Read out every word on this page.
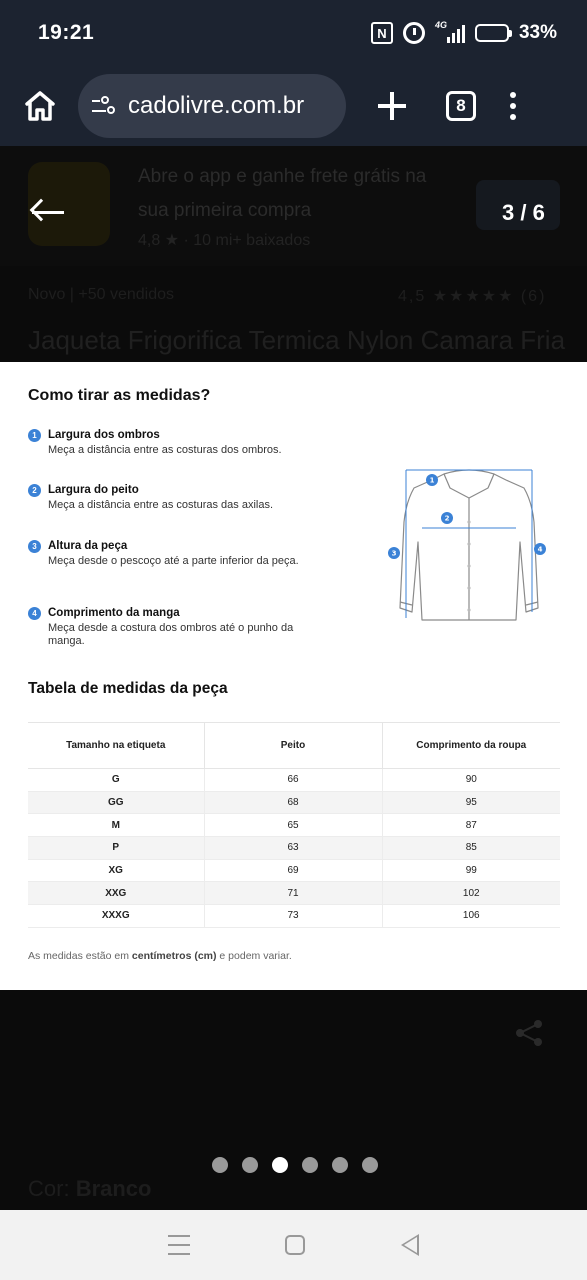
19:21	N
4G	33%
cadolivre.com.br	8
Abre o app e ganhe frete grátis na sua primeira compra
4,8 ★ · 10 mi+ baixados
3 / 6
Novo | +50 vendidos	4,5 ★★★★★ (6)
Jaqueta Frigorifica Termica Nylon Camara Fria
Cor: Branco
Como tirar as medidas?
1 Largura dos ombros
Meça a distância entre as costuras dos ombros.
2 Largura do peito
Meça a distância entre as costuras das axilas.
3 Altura da peça
Meça desde o pescoço até a parte inferior da peça.
4 Comprimento da manga
Meça desde a costura dos ombros até o punho da manga.
1
2
3	4
Tabela de medidas da peça
Tamanho na etiqueta	Peito	Comprimento da roupa
G	66	90
GG	68	95
M	65	87
P	63	85
XG	69	99
XXG	71	102
XXXG	73	106
As medidas estão em centímetros (cm) e podem variar.
